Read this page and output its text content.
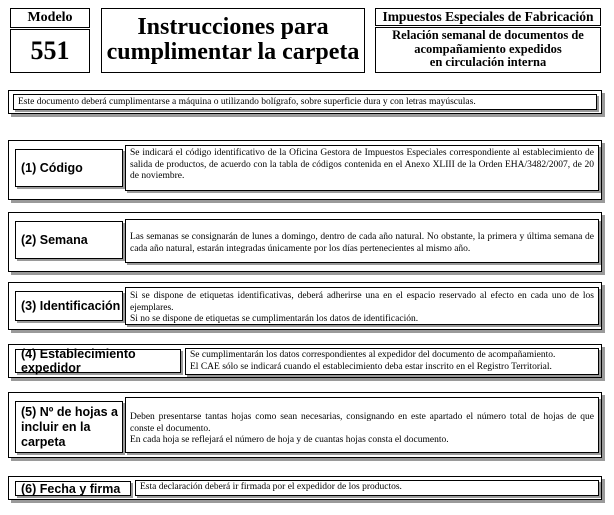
Modelo
551
Instrucciones para
cumplimentar la carpeta
Impuestos Especiales de Fabricación
Relación semanal de documentos de
acompañamiento expedidos
en circulación interna
Este documento deberá cumplimentarse a máquina o utilizando bolígrafo, sobre superficie dura y con letras mayúsculas.
(1) Código

Se indicará el código identificativo de la Oficina Gestora de Impuestos Especiales correspondiente al establecimiento de salida de productos, de acuerdo con la tabla de códigos contenida en el Anexo XLIII de la Orden EHA/3482/2007, de 20 de noviembre.

(2) Semana	Las semanas se consignarán de lunes a domingo, dentro de cada año natural. No obstante, la primera y última semana de cada año natural, estarán integradas únicamente por los días pertenecientes al mismo año.

(3) Identificación

Si se dispone de etiquetas identificativas, deberá adherirse una en el espacio reservado al efecto en cada uno de los ejemplares.

Si no se dispone de etiquetas se cumplimentarán los datos de identificación.

(4) Establecimiento expedidor

Se cumplimentarán los datos correspondientes al expedidor del documento de acompañamiento.

El CAE sólo se indicará cuando el establecimiento deba estar inscrito en el Registro Territorial.

(5) Nº de hojas a incluir en la carpeta

Deben presentarse tantas hojas como sean necesarias, consignando en este apartado el número total de hojas de que conste el documento.

En cada hoja se reflejará el número de hoja y de cuantas hojas consta el documento.

(6) Fecha y firma	Esta declaración deberá ir firmada por el expedidor de los productos.
